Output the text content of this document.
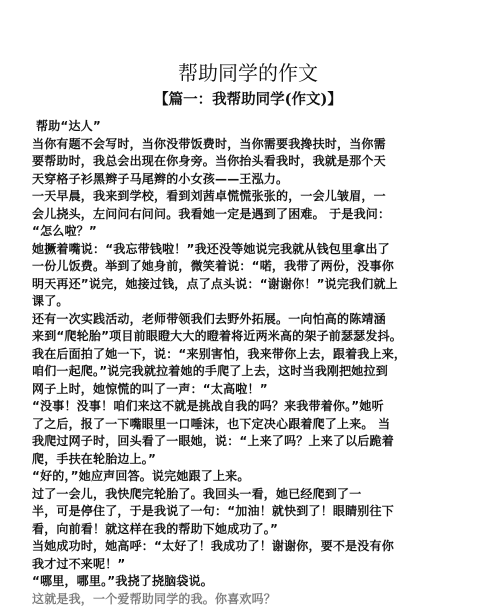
帮助同学的作文
【篇一：我帮助同学(作文)】
帮助“达人”
当你有题不会写时，当你没带饭费时，当你需要我搀扶时，当你需
要帮助时，我总会出现在你身旁。当你抬头看我时，我就是那个天
天穿格子衫黑辫子马尾辫的小女孩——王泓力。
一天早晨，我来到学校，看到刘茜卓慌慌张张的，一会儿皱眉，一
会儿挠头，左问问右问问。我看她一定是遇到了困难。 于是我问：
“怎么啦？”
她撅着嘴说：“我忘带钱啦！”我还没等她说完我就从钱包里拿出了
一份儿饭费。举到了她身前，微笑着说：“喏，我带了两份，没事你
明天再还”说完，她接过钱，点了点头说：“谢谢你！”说完我们就上
课了。
还有一次实践活动，老师带领我们去野外拓展。一向怕高的陈靖涵
来到“爬轮胎”项目前眼瞪大大的瞪着将近两米高的架子前瑟瑟发抖。
我在后面拍了她一下，说：“来别害怕，我来带你上去，跟着我上来，
咱们一起爬。”说完我就拉着她的手爬了上去，这时当我刚把她拉到
网子上时，她惊慌的叫了一声：“太高啦！”
“没事！没事！咱们来这不就是挑战自我的吗？来我带着你。”她听
了之后，报了一下嘴眼里一口唾沫，也下定决心跟着爬了上来。 当
我爬过网子时，回头看了一眼她，说：“上来了吗？上来了以后跪着
爬，手扶在轮胎边上。”
“好的，”她应声回答。说完她跟了上来。
过了一会儿，我快爬完轮胎了。我回头一看，她已经爬到了一
半，可是停住了，于是我说了一句：“加油！就快到了！眼睛别往下
看，向前看！就这样在我的帮助下她成功了。”
当她成功时，她高呼：“太好了！我成功了！谢谢你，要不是没有你
我才过不来呢！”
“哪里，哪里。”我挠了挠脑袋说。
这就是我，一个爱帮助同学的我。你喜欢吗？
